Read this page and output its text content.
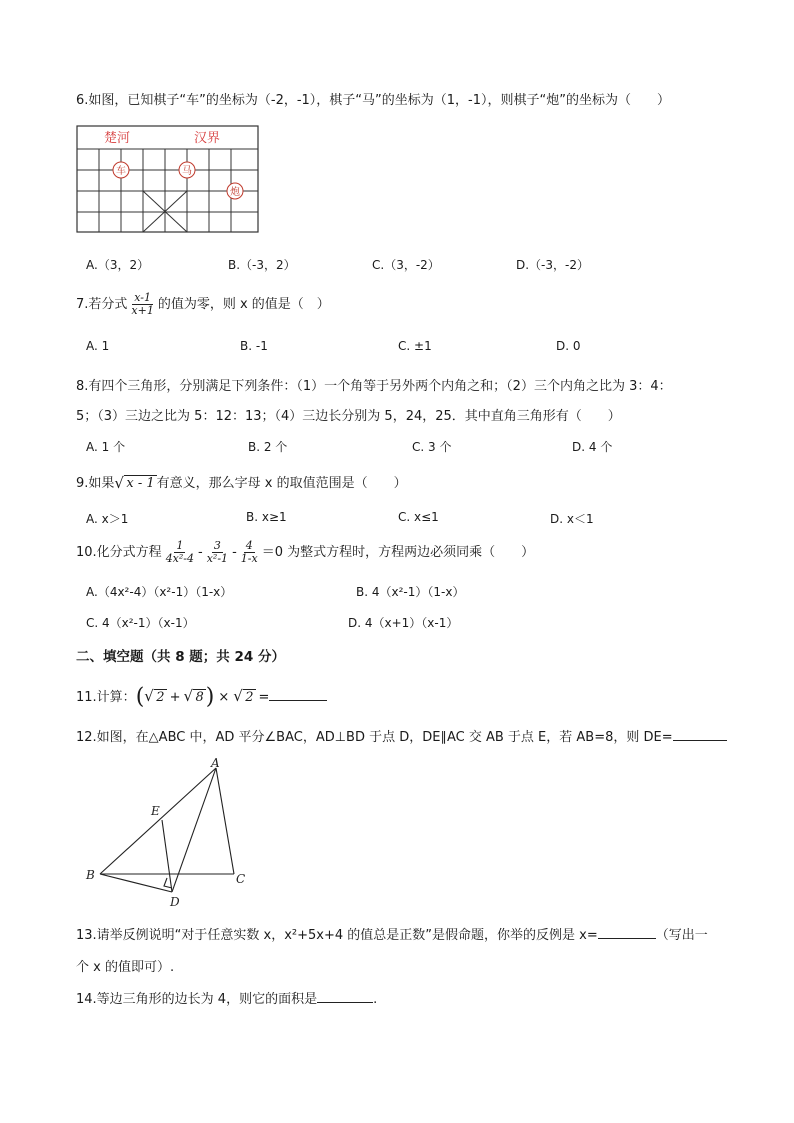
6.如图，已知棋子“车”的坐标为（-2，-1），棋子“马”的坐标为（1，-1），则棋子“炮”的坐标为（　　）
楚河	汉界
车	马
炮
A.（3，2）	B.（-3，2）	C.（3，-2）	D.（-3，-2）
7.若分式 $\frac{x-1}{x+1}$ 的值为零，则 x 的值是（　）
A. 1	B. -1	C. ±1	D. 0
8.有四个三角形，分别满足下列条件：（1）一个角等于另外两个内角之和；（2）三个内角之比为 3：4：
5；（3）三边之比为 5：12：13；（4）三边长分别为 5，24，25．其中直角三角形有（　　）
A. 1 个	B. 2 个	C. 3 个	D. 4 个
9.如果 √ x - 1 有意义，那么字母 x 的取值范围是（　　）
A. x＞1	B. x≥1	C. x≤1	D. x＜1
10.化分式方程 $\frac{1}{\text{4x²-4}} - \frac{3}{\text{x²-1}} - \frac{4}{1-x} =0$ 为整式方程时，方程两边必须同乘（　　）
A.（4x²-4）（x²-1）（1-x）	B. 4（x²-1）（1-x）
C. 4（x²-1）（x-1）	D. 4（x+1）（x-1）
二、填空题（共 8 题；共 24 分）
11.计算：( √ 2 + √ 8) × √ 2 =
12.如图，在△ABC 中，AD 平分∠BAC，AD⊥BD 于点 D，DE∥AC 交 AB 于点 E，若 AB=8，则 DE=
A
B	C
D
E
13.请举反例说明“对于任意实数 x，x²+5x+4 的值总是正数”是假命题，你举的反例是 x=	（写出一
个 x 的值即可）.
14.等边三角形的边长为 4，则它的面积是	.
